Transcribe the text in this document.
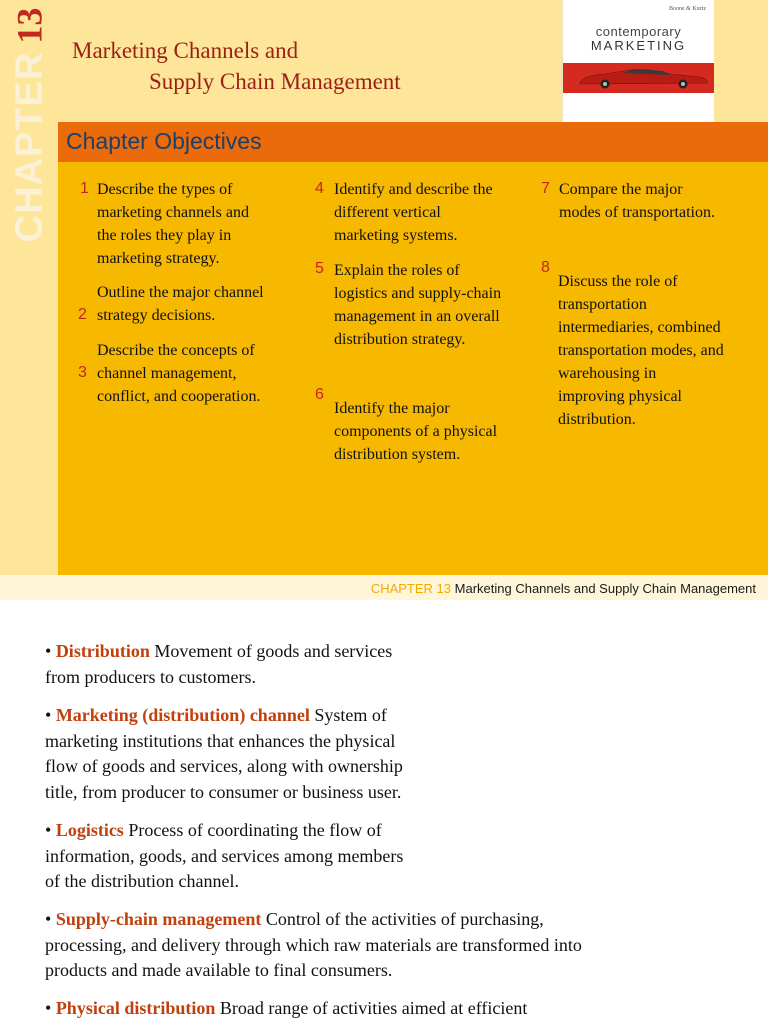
CHAPTER13
Marketing Channels and
Supply Chain Management
Boone & Kurtz
contemporary
MARKETING
Chapter Objectives
1 Describe the types of
marketing channels and
the roles they play in
marketing strategy.
2
Outline the major channel
strategy decisions.
3
Describe the concepts of
channel management,
conflict, and cooperation.
4 Identify and describe the
different vertical
marketing systems.
5 Explain the roles of
logistics and supply-chain
management in an overall
distribution strategy.
6
Identify the major
components of a physical
distribution system.
7 Compare the major
modes of transportation.
8
Discuss the role of
transportation
intermediaries, combined
transportation modes, and
warehousing in
improving physical
distribution.
CHAPTER 13 Marketing Channels and Supply Chain Management
• Distribution Movement of goods and services
from producers to customers.
• Marketing (distribution) channel System of
marketing institutions that enhances the physical
flow of goods and services, along with ownership
title, from producer to consumer or business user.
• Logistics Process of coordinating the flow of
information, goods, and services among members
of the distribution channel.
• Supply-chain management Control of the activities of purchasing,
processing, and delivery through which raw materials are transformed into
products and made available to final consumers.
• Physical distribution Broad range of activities aimed at efficient
